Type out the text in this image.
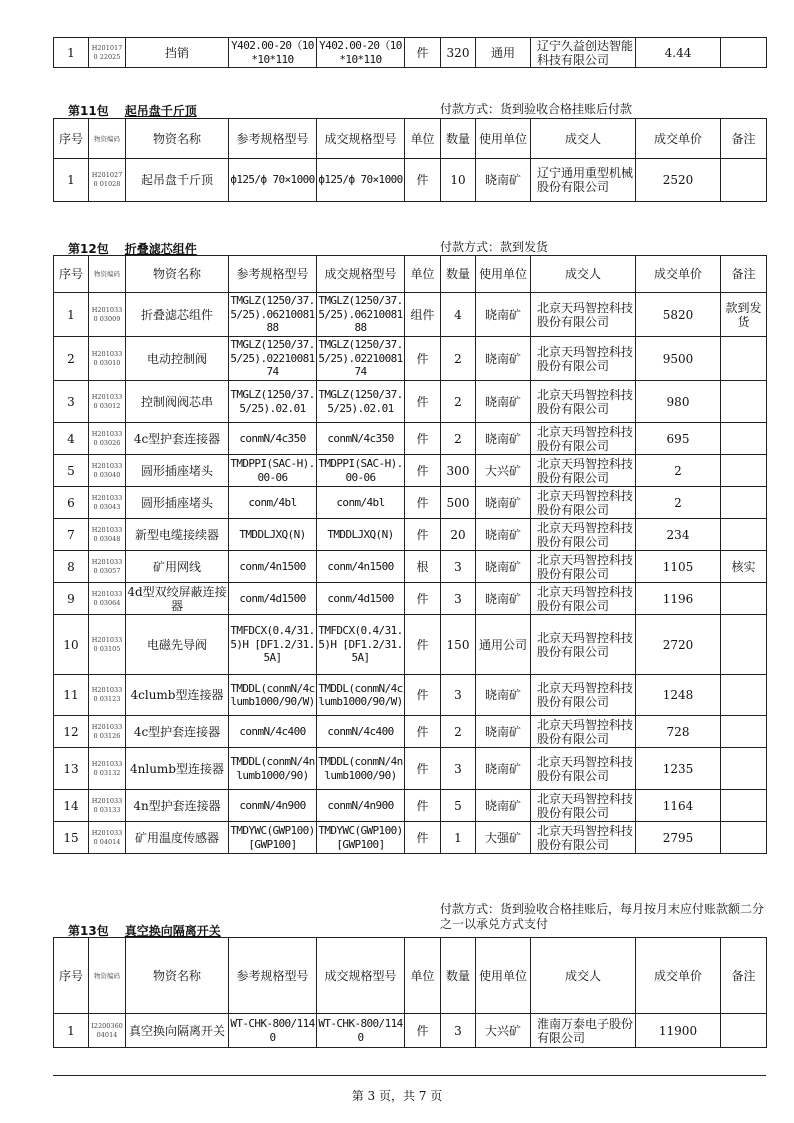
1	H2010170 22025	挡销	Y402.00-20（10*10*110	Y402.00-20（10*10*110	件	320	通用	辽宁久益创达智能科技有限公司	4.44	
第11包 起吊盘千斤顶	付款方式：货到验收合格挂账后付款
序号	物资编码	物资名称	参考规格型号	成交规格型号	单位	数量	使用单位	成交人	成交单价	备注
1	H2010270 01028	起吊盘千斤顶	ф125/ф 70×1000	ф125/ф 70×1000	件	10	晓南矿	辽宁通用重型机械股份有限公司	2520	
第12包 折叠滤芯组件	付款方式：款到发货
序号	物资编码	物资名称	参考规格型号	成交规格型号	单位	数量	使用单位	成交人	成交单价	备注
1	H2010330 03009	折叠滤芯组件	TMGLZ(1250/37.5/25).0621008188	TMGLZ(1250/37.5/25).0621008188	组件	4	晓南矿	北京天玛智控科技股份有限公司	5820	款到发货
2	H2010330 03010	电动控制阀	TMGLZ(1250/37.5/25).0221008174	TMGLZ(1250/37.5/25).0221008174	件	2	晓南矿	北京天玛智控科技股份有限公司	9500	
3	H2010330 03012	控制阀阀芯串	TMGLZ(1250/37.5/25).02.01	TMGLZ(1250/37.5/25).02.01	件	2	晓南矿	北京天玛智控科技股份有限公司	980	
4	H2010330 03026	4c型护套连接器	conmN/4c350	conmN/4c350	件	2	晓南矿	北京天玛智控科技股份有限公司	695	
5	H2010330 03040	圆形插座堵头	TMDPPI(SAC-H).00-06	TMDPPI(SAC-H).00-06	件	300	大兴矿	北京天玛智控科技股份有限公司	2	
6	H2010330 03043	圆形插座堵头	conm/4bl	conm/4bl	件	500	晓南矿	北京天玛智控科技股份有限公司	2	
7	H2010330 03048	新型电缆接续器	TMDDLJXQ(N)	TMDDLJXQ(N)	件	20	晓南矿	北京天玛智控科技股份有限公司	234	
8	H2010330 03057	矿用网线	conm/4n1500	conm/4n1500	根	3	晓南矿	北京天玛智控科技股份有限公司	1105	核实
9	H2010330 03064	4d型双绞屏蔽连接器	conm/4d1500	conm/4d1500	件	3	晓南矿	北京天玛智控科技股份有限公司	1196	
10	H2010330 03105	电磁先导阀	TMFDCX(0.4/31.5)H [DF1.2/31.5A]	TMFDCX(0.4/31.5)H [DF1.2/31.5A]	件	150	通用公司	北京天玛智控科技股份有限公司	2720	
11	H2010330 03123	4clumb型连接器	TMDDL(conmN/4clumb1000/90/W)	TMDDL(conmN/4clumb1000/90/W)	件	3	晓南矿	北京天玛智控科技股份有限公司	1248	
12	H2010330 03126	4c型护套连接器	conmN/4c400	conmN/4c400	件	2	晓南矿	北京天玛智控科技股份有限公司	728	
13	H2010330 03132	4nlumb型连接器	TMDDL(conmN/4nlumb1000/90)	TMDDL(conmN/4nlumb1000/90)	件	3	晓南矿	北京天玛智控科技股份有限公司	1235	
14	H2010330 03133	4n型护套连接器	conmN/4n900	conmN/4n900	件	5	晓南矿	北京天玛智控科技股份有限公司	1164	
15	H2010330 04014	矿用温度传感器	TMDYWC(GWP100) [GWP100]	TMDYWC(GWP100) [GWP100]	件	1	大强矿	北京天玛智控科技股份有限公司	2795	
第13包 真空换向隔离开关
付款方式：货到验收合格挂账后，每月按月末应付账款额二分之一以承兑方式支付
序号	物资编码	物资名称	参考规格型号	成交规格型号	单位	数量	使用单位	成交人	成交单价	备注
1	I2200360 04014	真空换向隔离开关	WT-CHK-800/1140	WT-CHK-800/1140	件	3	大兴矿	淮南万泰电子股份有限公司	11900	
第 3 页，共 7 页
